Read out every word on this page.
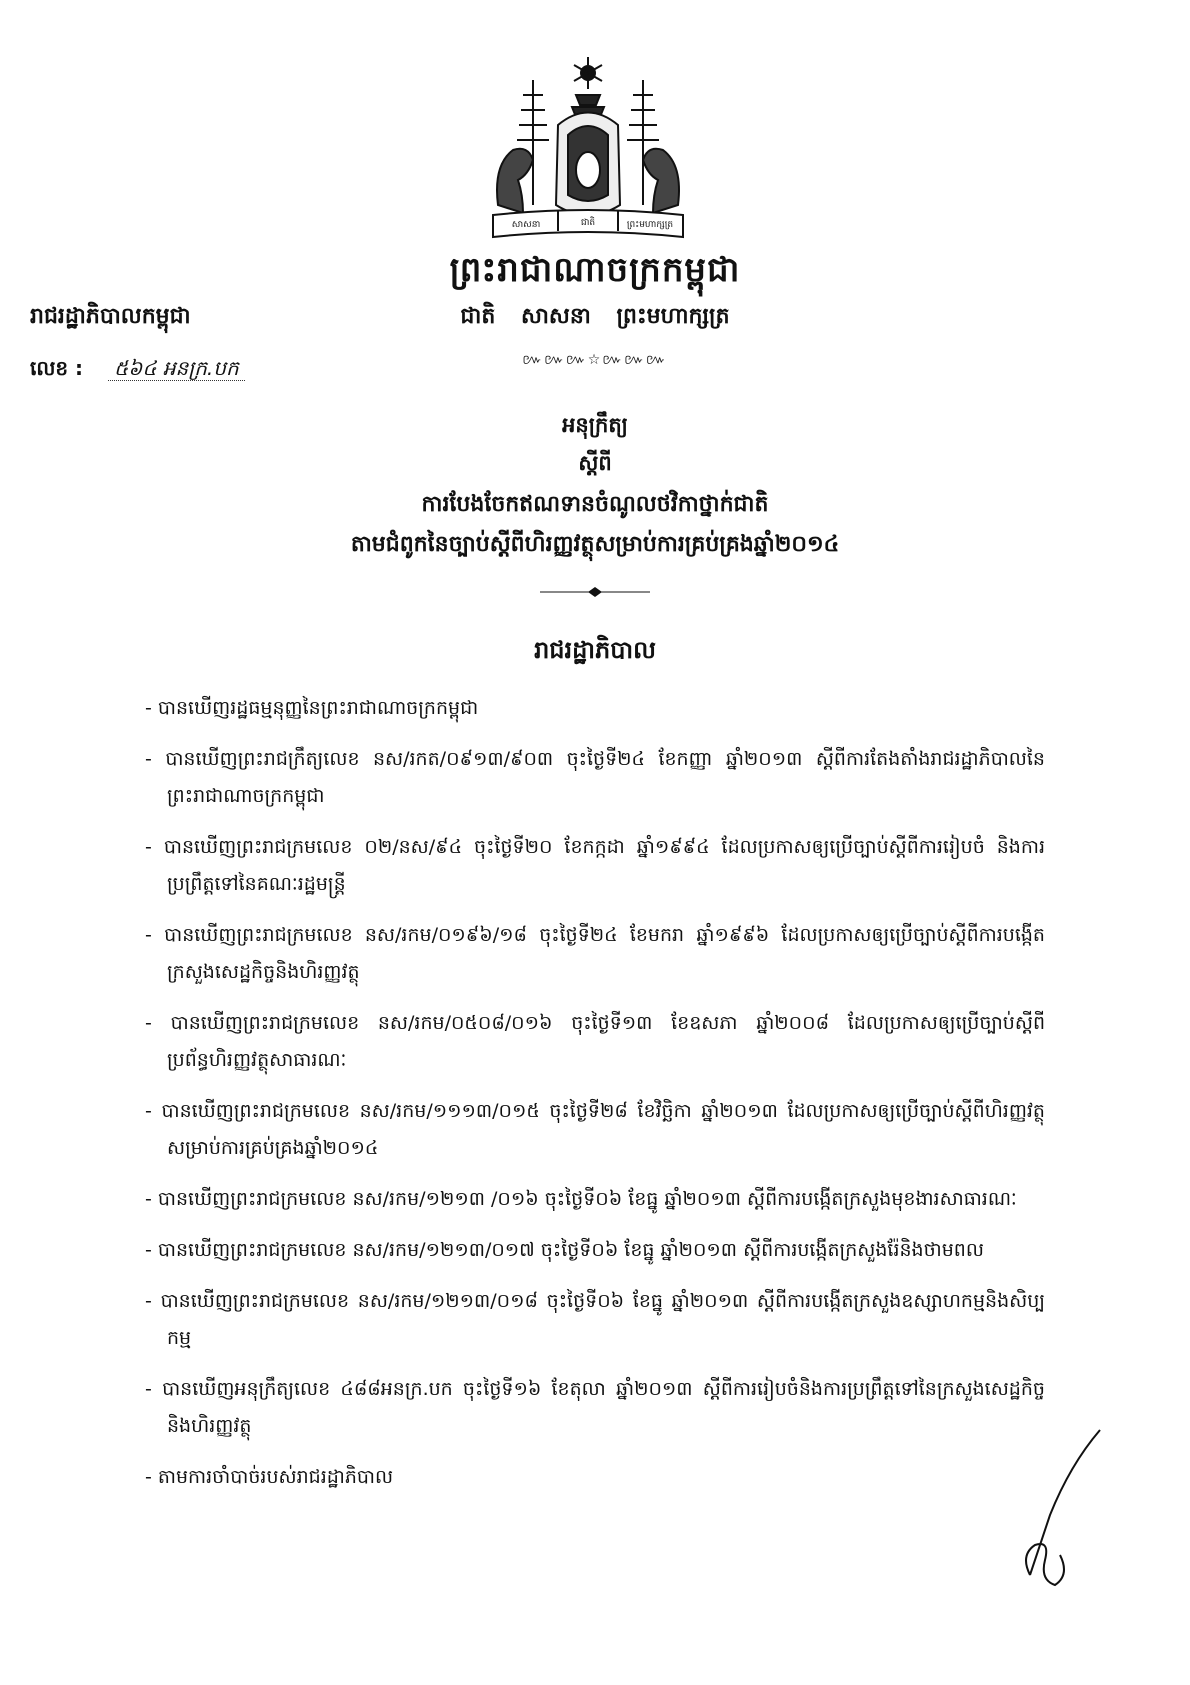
សាសនា	ជាតិ	ព្រះមហាក្សត្រ
ព្រះរាជាណាចក្រកម្ពុជា
ជាតិ សាសនា ព្រះមហាក្សត្រ
៚៚៚☆៚៚៚
រាជរដ្ឋាភិបាលកម្ពុជា
លេខ : ៥៦៤ អនក្រ.បក
អនុក្រឹត្យ
ស្តីពី
ការបែងចែកឥណទានចំណូលថវិកាថ្នាក់ជាតិ
តាមជំពូកនៃច្បាប់ស្តីពីហិរញ្ញវត្ថុសម្រាប់ការគ្រប់គ្រងឆ្នាំ២០១៤
រាជរដ្ឋាភិបាល
- បានឃើញរដ្ឋធម្មនុញ្ញនៃព្រះរាជាណាចក្រកម្ពុជា
- បានឃើញព្រះរាជក្រឹត្យលេខ នស/រកត/០៩១៣/៩០៣ ចុះថ្ងៃទី២៤ ខែកញ្ញា ឆ្នាំ២០១៣ ស្តីពីការតែងតាំងរាជរដ្ឋាភិបាលនៃព្រះរាជាណាចក្រកម្ពុជា
- បានឃើញព្រះរាជក្រមលេខ ០២/នស/៩៤ ចុះថ្ងៃទី២០ ខែកក្កដា ឆ្នាំ១៩៩៤ ដែលប្រកាសឲ្យប្រើច្បាប់ស្តីពីការរៀបចំ និងការប្រព្រឹត្តទៅនៃគណៈរដ្ឋមន្ត្រី
- បានឃើញព្រះរាជក្រមលេខ នស/រកម/០១៩៦/១៨ ចុះថ្ងៃទី២៤ ខែមករា ឆ្នាំ១៩៩៦ ដែលប្រកាសឲ្យប្រើច្បាប់ស្តីពីការបង្កើតក្រសួងសេដ្ឋកិច្ចនិងហិរញ្ញវត្ថុ
- បានឃើញព្រះរាជក្រមលេខ នស/រកម/០៥០៨/០១៦ ចុះថ្ងៃទី១៣ ខែឧសភា ឆ្នាំ២០០៨ ដែលប្រកាសឲ្យប្រើច្បាប់ស្តីពីប្រព័ន្ធហិរញ្ញវត្ថុសាធារណៈ
- បានឃើញព្រះរាជក្រមលេខ នស/រកម/១១១៣/០១៥ ចុះថ្ងៃទី២៨ ខែវិច្ឆិកា ឆ្នាំ២០១៣ ដែលប្រកាសឲ្យប្រើច្បាប់ស្តីពីហិរញ្ញវត្ថុសម្រាប់ការគ្រប់គ្រងឆ្នាំ២០១៤
- បានឃើញព្រះរាជក្រមលេខ នស/រកម/១២១៣ /០១៦ ចុះថ្ងៃទី០៦ ខែធ្នូ ឆ្នាំ២០១៣ ស្តីពីការបង្កើតក្រសួងមុខងារសាធារណៈ
- បានឃើញព្រះរាជក្រមលេខ នស/រកម/១២១៣/០១៧ ចុះថ្ងៃទី០៦ ខែធ្នូ ឆ្នាំ២០១៣ ស្តីពីការបង្កើតក្រសួងរ៉ែនិងថាមពល
- បានឃើញព្រះរាជក្រមលេខ នស/រកម/១២១៣/០១៨ ចុះថ្ងៃទី០៦ ខែធ្នូ ឆ្នាំ២០១៣ ស្តីពីការបង្កើតក្រសួងឧស្សាហកម្មនិងសិប្បកម្ម
- បានឃើញអនុក្រឹត្យលេខ ៤៨៨អនក្រ.បក ចុះថ្ងៃទី១៦ ខែតុលា ឆ្នាំ២០១៣ ស្តីពីការរៀបចំនិងការប្រព្រឹត្តទៅនៃក្រសួងសេដ្ឋកិច្ចនិងហិរញ្ញវត្ថុ
- តាមការចាំបាច់របស់រាជរដ្ឋាភិបាល
